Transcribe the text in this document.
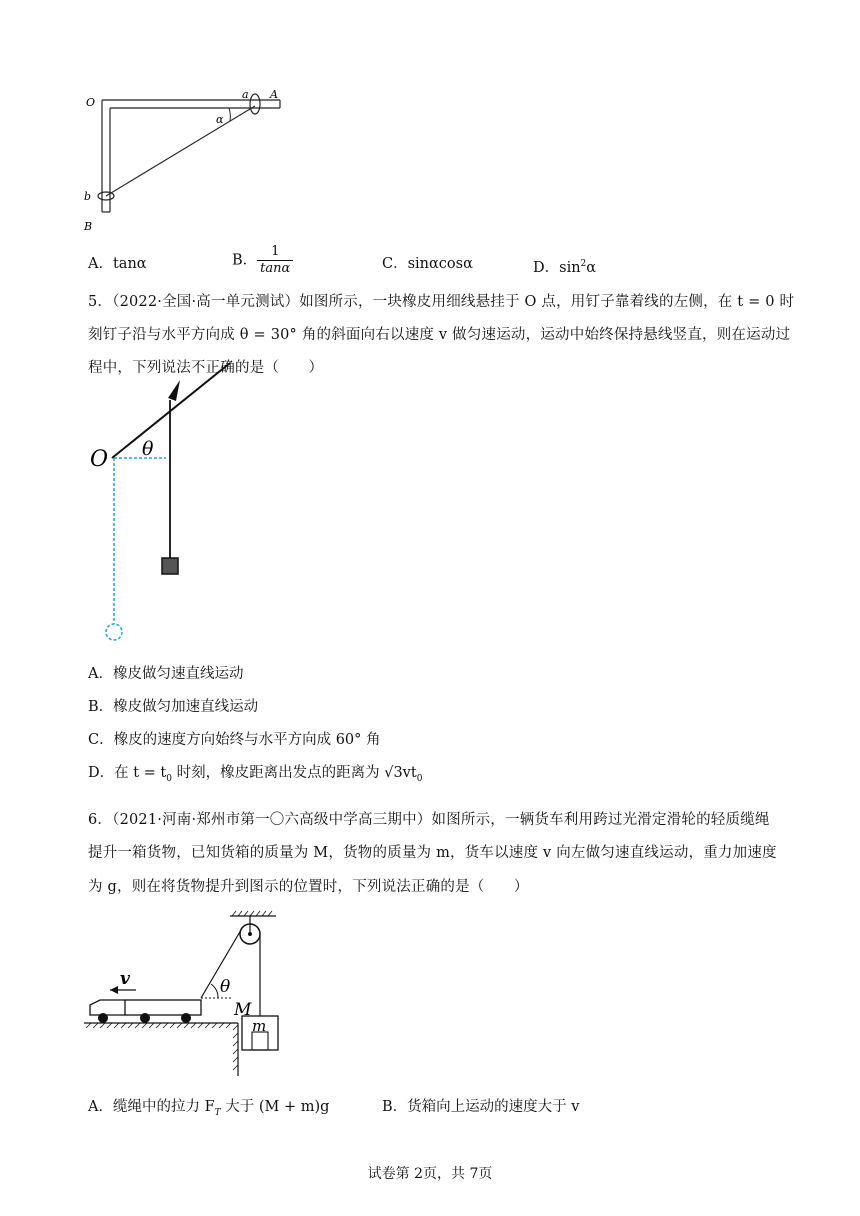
O
a A
α
b
B
A．tanα	B． $\frac{1}{\tan\alpha}$	C．sinαcosα	D．$\sin^2\alpha$
5．（2022·全国·高一单元测试）如图所示，一块橡皮用细线悬挂于 O 点，用钉子靠着线的左侧，在 t = 0 时
刻钉子沿与水平方向成 θ = 30° 角的斜面向右以速度 v 做匀速运动，运动中始终保持悬线竖直，则在运动过
程中，下列说法不正确的是（　　）
O θ
A．橡皮做匀速直线运动
B．橡皮做匀加速直线运动
C．橡皮的速度方向始终与水平方向成 60° 角
D．在 $t = t_0$ 时刻，橡皮距离出发点的距离为 $√3vt_0$
6．（2021·河南·郑州市第一〇六高级中学高三期中）如图所示，一辆货车利用跨过光滑定滑轮的轻质缆绳
提升一箱货物，已知货箱的质量为 M，货物的质量为 m，货车以速度 v 向左做匀速直线运动，重力加速度
为 g，则在将货物提升到图示的位置时，下列说法正确的是（　　）
v	θ
M
m
A．缆绳中的拉力 $F_T$ 大于 (M + m)g	B．货箱向上运动的速度大于 v
试卷第 2页，共 7页
